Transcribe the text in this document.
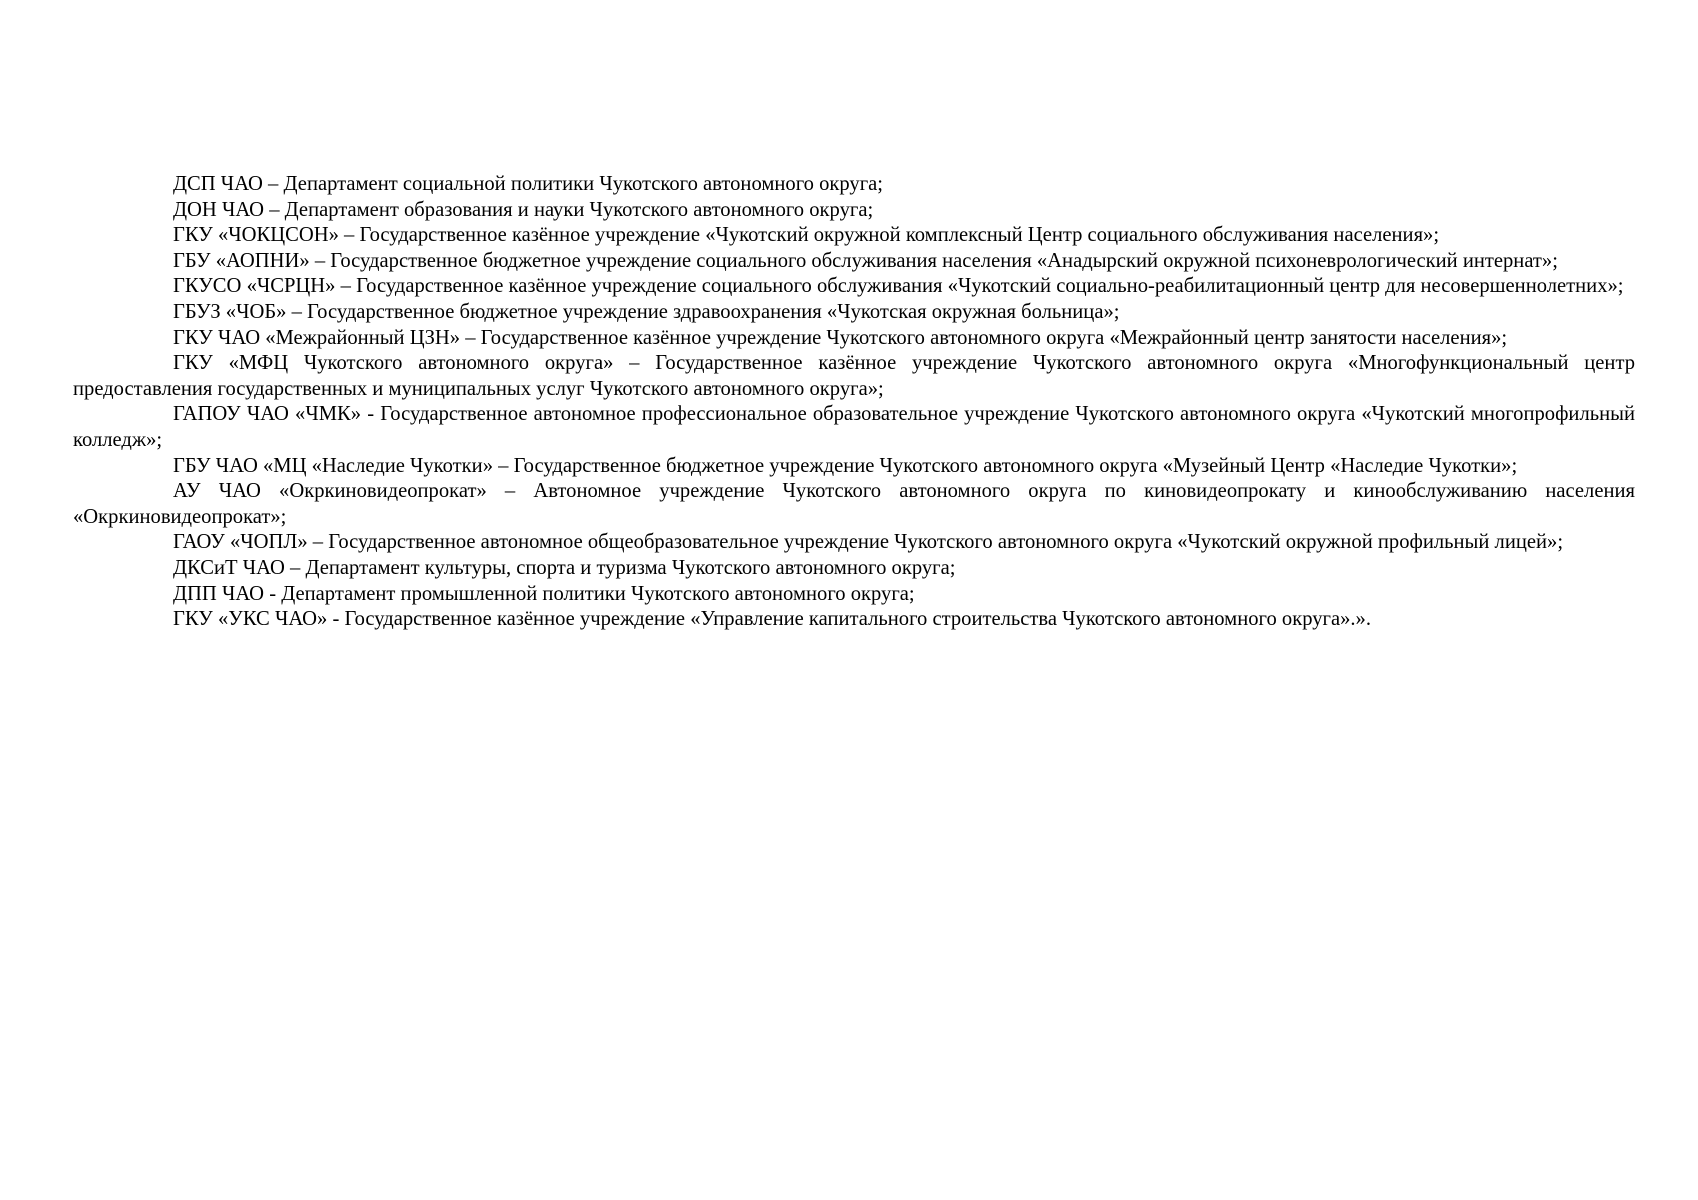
ДСП ЧАО – Департамент социальной политики Чукотского автономного округа;

ДОН ЧАО – Департамент образования и науки Чукотского автономного округа;

ГКУ «ЧОКЦСОН» – Государственное казённое учреждение «Чукотский окружной комплексный Центр социального обслуживания населения»;

ГБУ «АОПНИ» – Государственное бюджетное учреждение социального обслуживания населения «Анадырский окружной психоневрологический интернат»;

ГКУСО «ЧСРЦН» – Государственное казённое учреждение социального обслуживания «Чукотский социально-реабилитационный центр для несовершеннолетних»;

ГБУЗ «ЧОБ» – Государственное бюджетное учреждение здравоохранения «Чукотская окружная больница»;

ГКУ ЧАО «Межрайонный ЦЗН» – Государственное казённое учреждение Чукотского автономного округа «Межрайонный центр занятости населения»;

ГКУ «МФЦ Чукотского автономного округа» – Государственное казённое учреждение Чукотского автономного округа «Многофункциональный центр предоставления государственных и муниципальных услуг Чукотского автономного округа»;

ГАПОУ ЧАО «ЧМК» - Государственное автономное профессиональное образовательное учреждение Чукотского автономного округа «Чукотский многопрофильный колледж»;

ГБУ ЧАО «МЦ «Наследие Чукотки» – Государственное бюджетное учреждение Чукотского автономного округа «Музейный Центр «Наследие Чукотки»;

АУ ЧАО «Окркиновидеопрокат» – Автономное учреждение Чукотского автономного округа по киновидеопрокату и кинообслуживанию населения «Окркиновидеопрокат»;

ГАОУ «ЧОПЛ» – Государственное автономное общеобразовательное учреждение Чукотского автономного округа «Чукотский окружной профильный лицей»;

ДКСиТ ЧАО – Департамент культуры, спорта и туризма Чукотского автономного округа;

ДПП ЧАО - Департамент промышленной политики Чукотского автономного округа;

ГКУ «УКС ЧАО» - Государственное казённое учреждение «Управление капитального строительства Чукотского автономного округа».».
